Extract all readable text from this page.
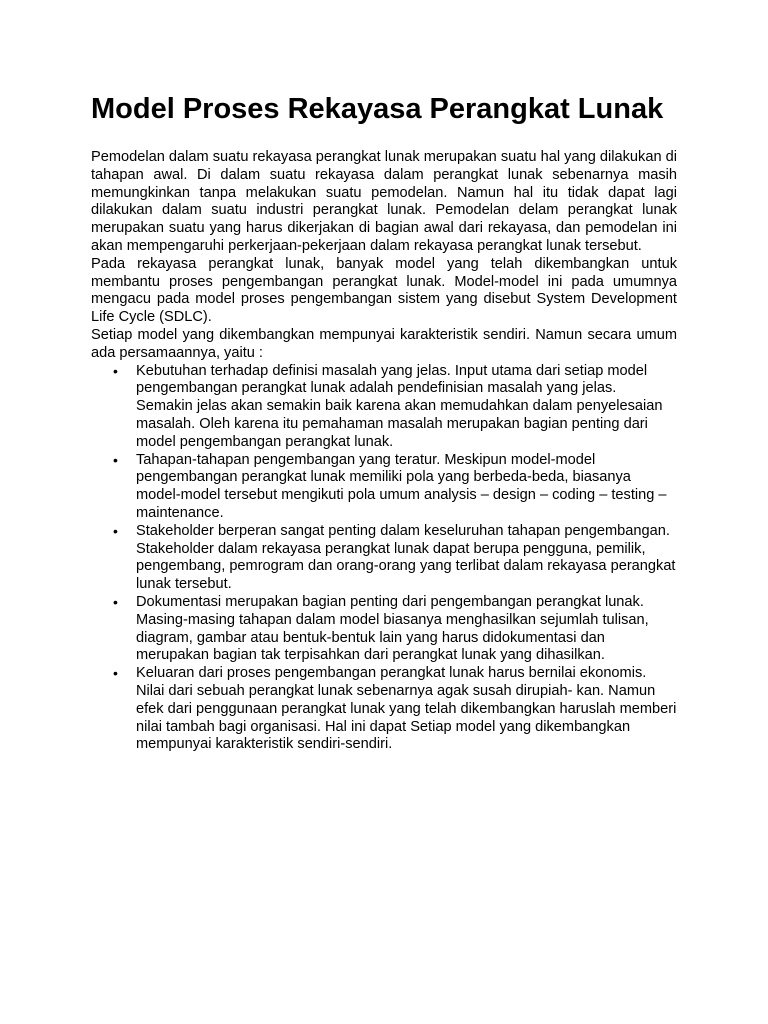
Model Proses Rekayasa Perangkat Lunak

Pemodelan dalam suatu rekayasa perangkat lunak merupakan suatu hal yang dilakukan di tahapan awal. Di dalam suatu rekayasa dalam perangkat lunak sebenarnya masih memungkinkan tanpa melakukan suatu pemodelan. Namun hal itu tidak dapat lagi dilakukan dalam suatu industri perangkat lunak. Pemodelan delam perangkat lunak merupakan suatu yang harus dikerjakan di bagian awal dari rekayasa, dan pemodelan ini akan mempengaruhi perkerjaan-pekerjaan dalam rekayasa perangkat lunak tersebut.

Pada rekayasa perangkat lunak, banyak model yang telah dikembangkan untuk membantu proses pengembangan perangkat lunak. Model-model ini pada umumnya mengacu pada model proses pengembangan sistem yang disebut System Development Life Cycle (SDLC).

Setiap model yang dikembangkan mempunyai karakteristik sendiri. Namun secara umum ada persamaannya, yaitu :

• Kebutuhan terhadap definisi masalah yang jelas. Input utama dari setiap model pengembangan perangkat lunak adalah pendefinisian masalah yang jelas. Semakin jelas akan semakin baik karena akan memudahkan dalam penyelesaian masalah. Oleh karena itu pemahaman masalah merupakan bagian penting dari model pengembangan perangkat lunak.
• Tahapan-tahapan pengembangan yang teratur. Meskipun model-model pengembangan perangkat lunak memiliki pola yang berbeda-beda, biasanya model-model tersebut mengikuti pola umum analysis – design – coding – testing – maintenance.
• Stakeholder berperan sangat penting dalam keseluruhan tahapan pengembangan. Stakeholder dalam rekayasa perangkat lunak dapat berupa pengguna, pemilik, pengembang, pemrogram dan orang-orang yang terlibat dalam rekayasa perangkat lunak tersebut.
• Dokumentasi merupakan bagian penting dari pengembangan perangkat lunak. Masing-masing tahapan dalam model biasanya menghasilkan sejumlah tulisan, diagram, gambar atau bentuk-bentuk lain yang harus didokumentasi dan merupakan bagian tak terpisahkan dari perangkat lunak yang dihasilkan.
• Keluaran dari proses pengembangan perangkat lunak harus bernilai ekonomis. Nilai dari sebuah perangkat lunak sebenarnya agak susah dirupiah- kan. Namun efek dari penggunaan perangkat lunak yang telah dikembangkan haruslah memberi nilai tambah bagi organisasi. Hal ini dapat Setiap model yang dikembangkan mempunyai karakteristik sendiri-sendiri.
